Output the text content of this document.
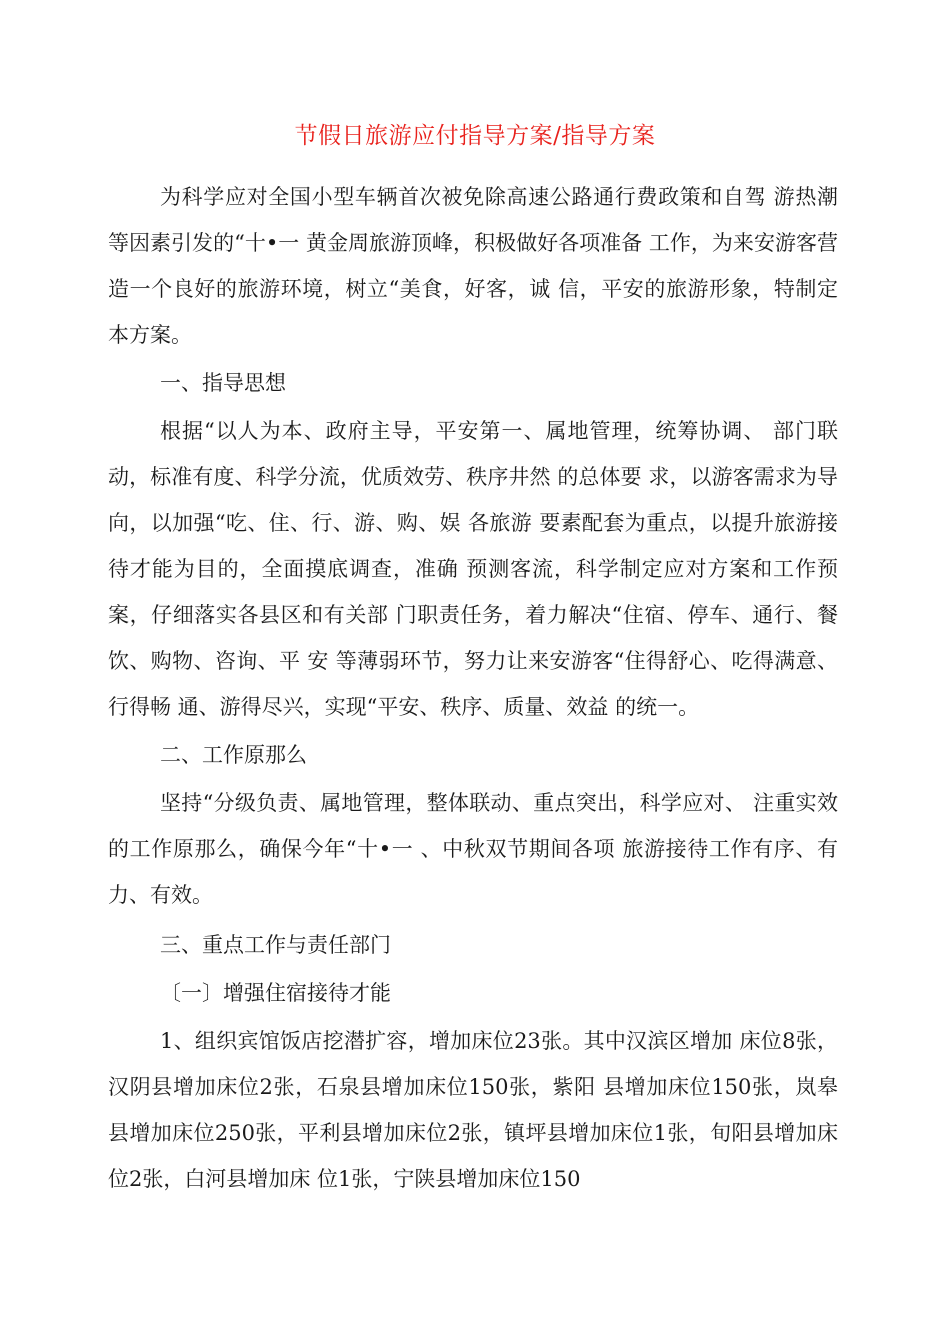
节假日旅游应付指导方案/指导方案

为科学应对全国小型车辆首次被免除高速公路通行费政策和自驾 游热潮等因素引发的“十•一 黄金周旅游顶峰，积极做好各项准备 工作，为来安游客营造一个良好的旅游环境，树立“美食，好客，诚 信，平安的旅游形象，特制定本方案。

一、指导思想

根据“以人为本、政府主导，平安第一、属地管理，统筹协调、 部门联动，标准有度、科学分流，优质效劳、秩序井然 的总体要 求，以游客需求为导向，以加强“吃、住、行、游、购、娱 各旅游 要素配套为重点，以提升旅游接待才能为目的，全面摸底调查，准确 预测客流，科学制定应对方案和工作预案，仔细落实各县区和有关部 门职责任务，着力解决“住宿、停车、通行、餐饮、购物、咨询、平 安 等薄弱环节，努力让来安游客“住得舒心、吃得满意、行得畅 通、游得尽兴，实现“平安、秩序、质量、效益 的统一。

二、工作原那么

坚持“分级负责、属地管理，整体联动、重点突出，科学应对、 注重实效 的工作原那么，确保今年“十•一 、中秋双节期间各项 旅游接待工作有序、有力、有效。

三、重点工作与责任部门

〔一〕增强住宿接待才能

1、组织宾馆饭店挖潜扩容，增加床位23张。其中汉滨区增加 床位8张，汉阴县增加床位2张，石泉县增加床位150张，紫阳 县增加床位150张，岚皋县增加床位250张，平利县增加床位2张，镇坪县增加床位1张，旬阳县增加床位2张，白河县增加床 位1张，宁陕县增加床位150
